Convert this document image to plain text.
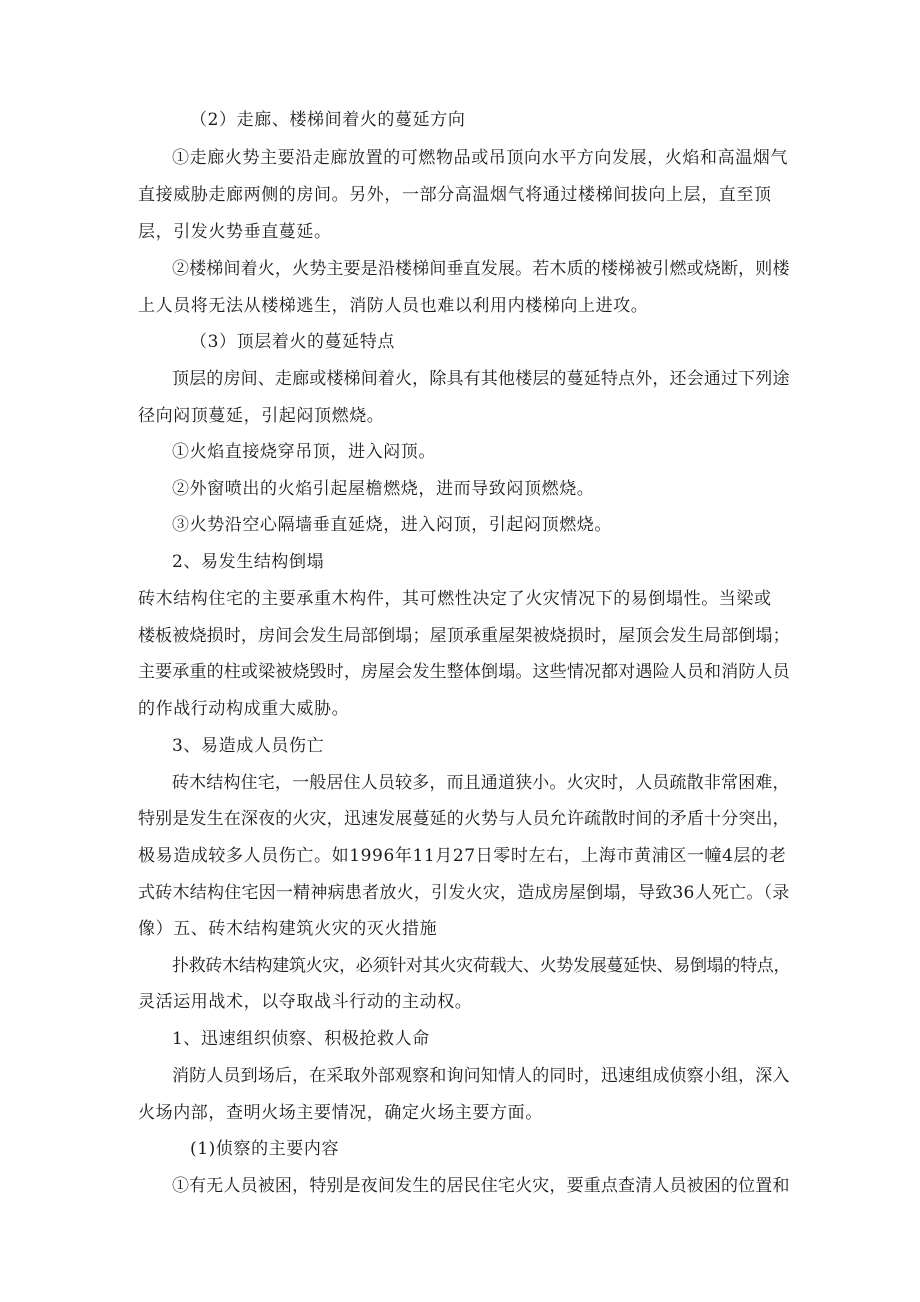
（2）走廊、楼梯间着火的蔓延方向
①走廊火势主要沿走廊放置的可燃物品或吊顶向水平方向发展，火焰和高温烟气
直接威胁走廊两侧的房间。另外，一部分高温烟气将通过楼梯间拔向上层，直至顶
层，引发火势垂直蔓延。
②楼梯间着火，火势主要是沿楼梯间垂直发展。若木质的楼梯被引燃或烧断，则楼
上人员将无法从楼梯逃生，消防人员也难以利用内楼梯向上进攻。
（3）顶层着火的蔓延特点
顶层的房间、走廊或楼梯间着火，除具有其他楼层的蔓延特点外，还会通过下列途
径向闷顶蔓延，引起闷顶燃烧。
①火焰直接烧穿吊顶，进入闷顶。
②外窗喷出的火焰引起屋檐燃烧，进而导致闷顶燃烧。
③火势沿空心隔墙垂直延烧，进入闷顶，引起闷顶燃烧。
2、易发生结构倒塌
砖木结构住宅的主要承重木构件，其可燃性决定了火灾情况下的易倒塌性。当梁或
楼板被烧损时，房间会发生局部倒塌；屋顶承重屋架被烧损时，屋顶会发生局部倒塌；
主要承重的柱或梁被烧毁时，房屋会发生整体倒塌。这些情况都对遇险人员和消防人员
的作战行动构成重大威胁。
3、易造成人员伤亡
砖木结构住宅，一般居住人员较多，而且通道狭小。火灾时，人员疏散非常困难，
特别是发生在深夜的火灾，迅速发展蔓延的火势与人员允许疏散时间的矛盾十分突出，
极易造成较多人员伤亡。如1996年11月27日零时左右，上海市黄浦区一幢4层的老
式砖木结构住宅因一精神病患者放火，引发火灾，造成房屋倒塌，导致36人死亡。（录
像）五、砖木结构建筑火灾的灭火措施
扑救砖木结构建筑火灾，必须针对其火灾荷载大、火势发展蔓延快、易倒塌的特点，
灵活运用战术，以夺取战斗行动的主动权。
1、迅速组织侦察、积极抢救人命
消防人员到场后，在采取外部观察和询问知情人的同时，迅速组成侦察小组，深入
火场内部，查明火场主要情况，确定火场主要方面。
(1)侦察的主要内容
①有无人员被困，特别是夜间发生的居民住宅火灾，要重点查清人员被困的位置和
